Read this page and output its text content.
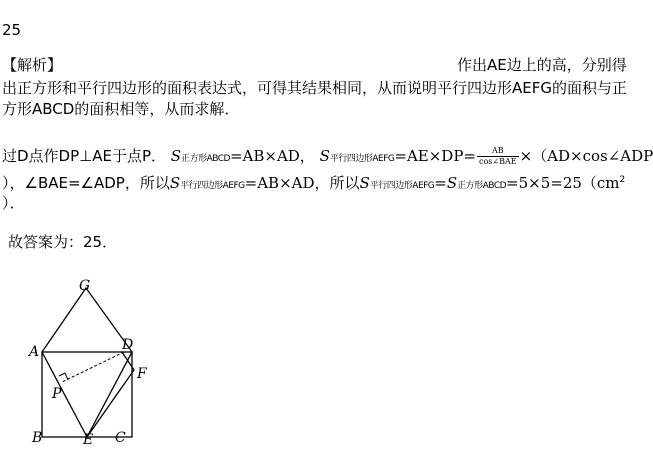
25
【解析】	作出AE边上的高，分别得
出正方形和平行四边形的面积表达式，可得其结果相同，从而说明平行四边形AEFG的面积与正
方形ABCD的面积相等，从而求解．
过D点作DP⊥AE于点P． S正方形ABCD=AB×AD， S平行四边形AEFG=AE×DP= $\frac{AB}{\text{cos∠BAE}}$ ×（AD×cos∠ADP
），∠BAE=∠ADP，所以S平行四边形AEFG=AB×AD，所以S平行四边形AEFG=S正方形$ABCD=5\times 5=25(cm^2$
）．
故答案为：25．
G
A	D
F
P
B	E C
